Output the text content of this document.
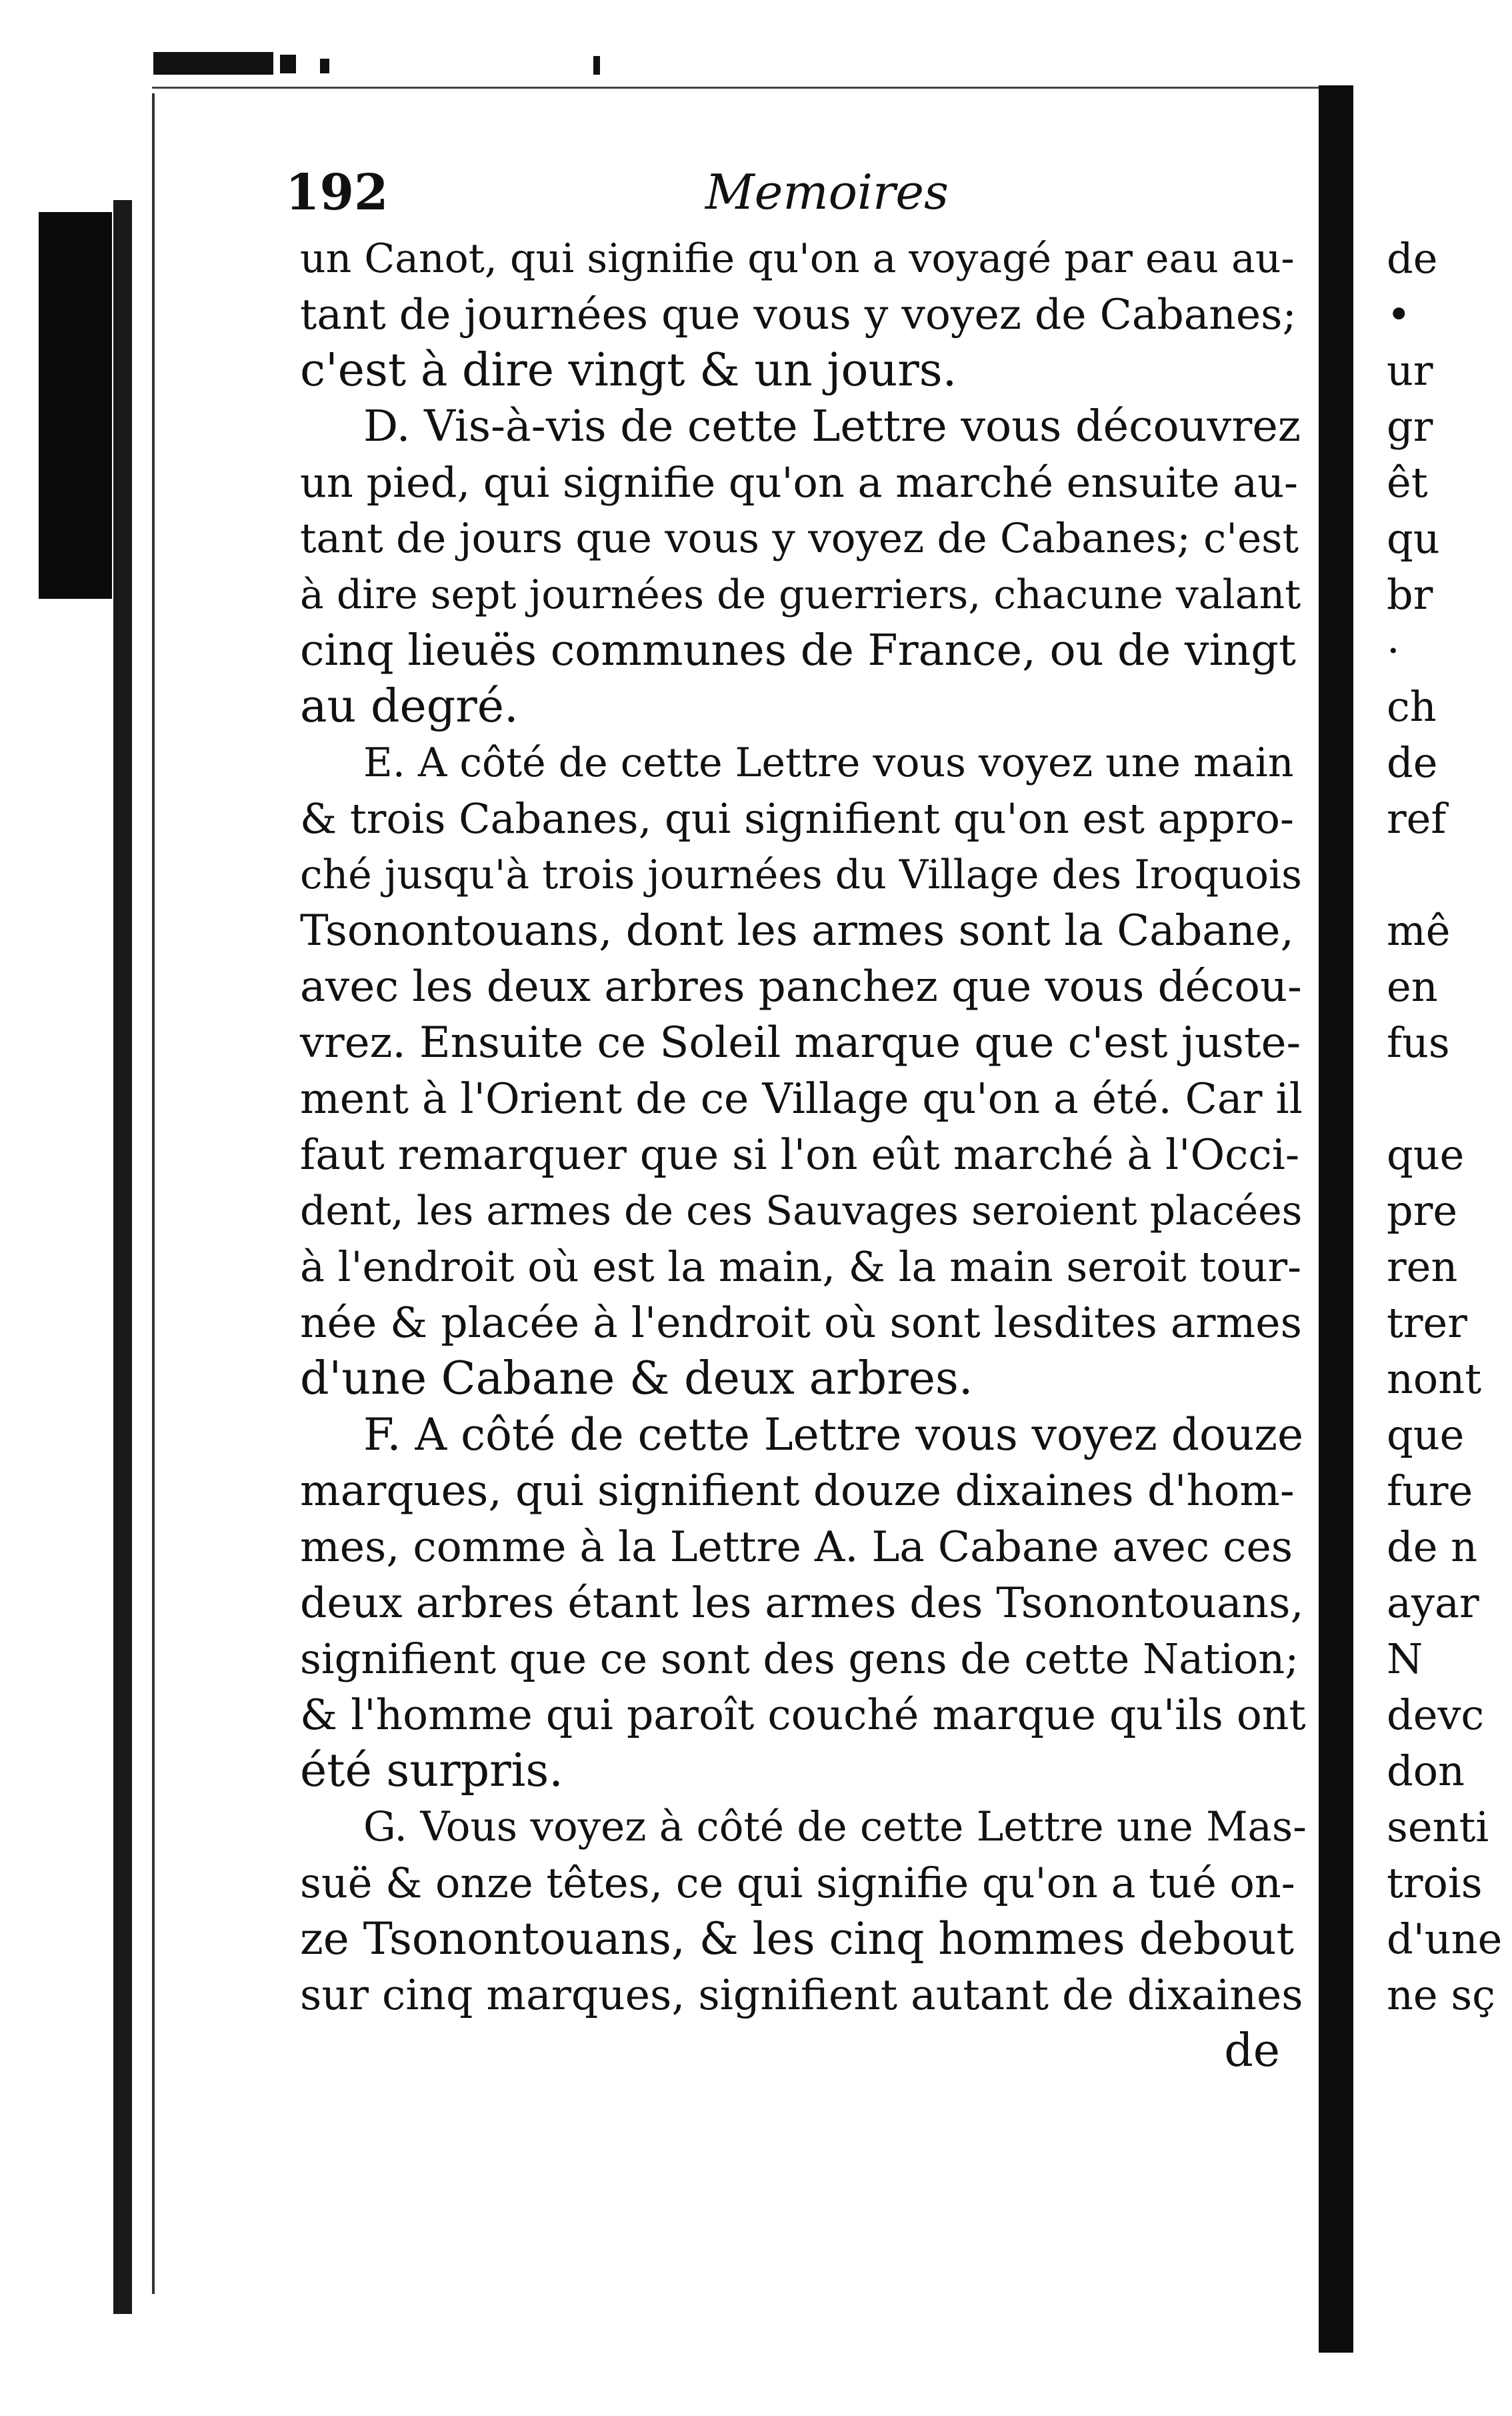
192	Memoires
un Canot, qui signifie qu'on a voyagé par eau au-
tant de journées que vous y voyez de Cabanes;
c'est à dire vingt & un jours.
D. Vis-à-vis de cette Lettre vous découvrez
un pied, qui signifie qu'on a marché ensuite au-
tant de jours que vous y voyez de Cabanes; c'est
à dire sept journées de guerriers, chacune valant
cinq lieuës communes de France, ou de vingt
au degré.
E. A côté de cette Lettre vous voyez une main
& trois Cabanes, qui signifient qu'on est appro-
ché jusqu'à trois journées du Village des Iroquois
Tsonontouans, dont les armes sont la Cabane,
avec les deux arbres panchez que vous décou-
vrez. Ensuite ce Soleil marque que c'est juste-
ment à l'Orient de ce Village qu'on a été. Car il
faut remarquer que si l'on eût marché à l'Occi-
dent, les armes de ces Sauvages seroient placées
à l'endroit où est la main, & la main seroit tour-
née & placée à l'endroit où sont lesdites armes
d'une Cabane & deux arbres.
F. A côté de cette Lettre vous voyez douze
marques, qui signifient douze dixaines d'hom-
mes, comme à la Lettre A. La Cabane avec ces
deux arbres étant les armes des Tsonontouans,
signifient que ce sont des gens de cette Nation;
& l'homme qui paroît couché marque qu'ils ont
été surpris.
G. Vous voyez à côté de cette Lettre une Mas-
suë & onze têtes, ce qui signifie qu'on a tué on-
ze Tsonontouans, & les cinq hommes debout
sur cinq marques, signifient autant de dixaines
de
de
•
ur
gr
êt
qu
br
·
ch
de
ref
mê
en
fus
que
pre
ren
trer
nont
que
fure
de n
ayar
N
devc
don
senti
trois
d'une
ne sç
